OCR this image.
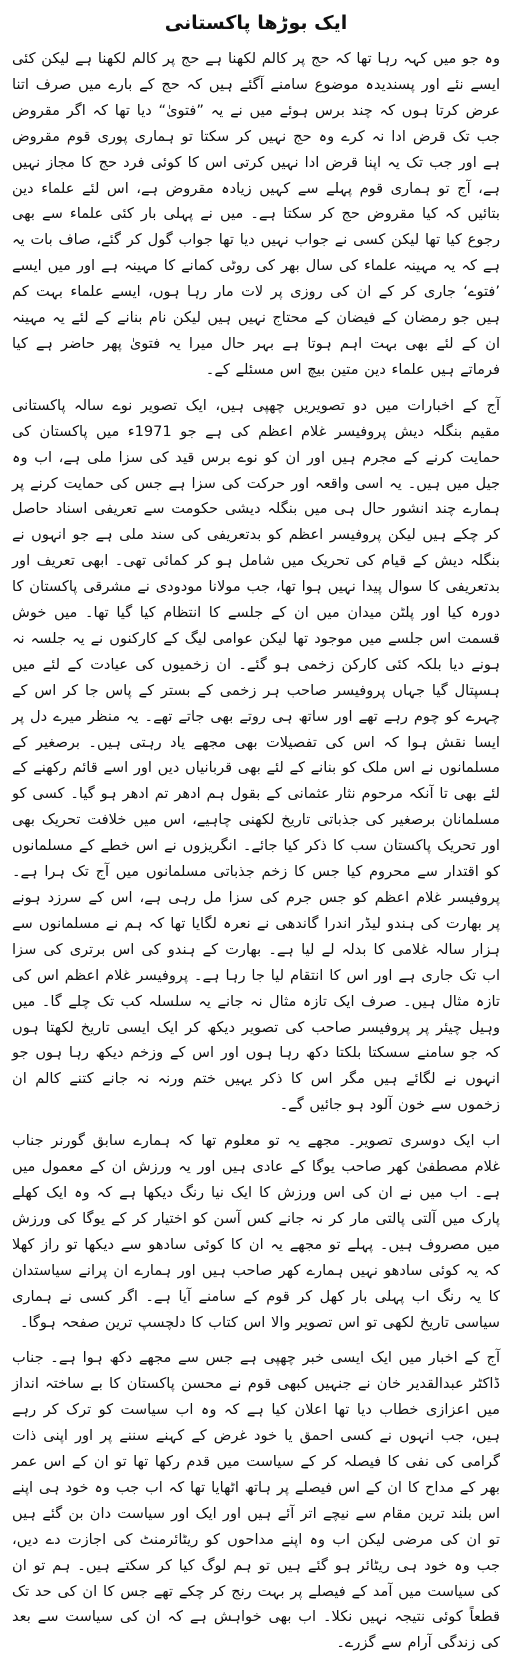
ایک بوڑھا پاکستانی

وہ جو میں کہہ رہا تھا کہ حج پر کالم لکھنا ہے حج پر کالم لکھنا ہے لیکن کئی ایسے نئے اور پسندیدہ موضوع سامنے آگئے ہیں کہ حج کے بارے میں صرف اتنا عرض کرتا ہوں کہ چند برس ہوئے میں نے یہ ”فتویٰ“ دیا تھا کہ اگر مقروض جب تک قرض ادا نہ کرے وہ حج نہیں کر سکتا تو ہماری پوری قوم مقروض ہے اور جب تک یہ اپنا قرض ادا نہیں کرتی اس کا کوئی فرد حج کا مجاز نہیں ہے، آج تو ہماری قوم پہلے سے کہیں زیادہ مقروض ہے، اس لئے علماء دین بتائیں کہ کیا مقروض حج کر سکتا ہے۔ میں نے پہلی بار کئی علماء سے بھی رجوع کیا تھا لیکن کسی نے جواب نہیں دیا تھا جواب گول کر گئے، صاف بات یہ ہے کہ یہ مہینہ علماء کی سال بھر کی روٹی کمانے کا مہینہ ہے اور میں ایسے ’فتوے‘ جاری کر کے ان کی روزی پر لات مار رہا ہوں، ایسے علماء بہت کم ہیں جو رمضان کے فیضان کے محتاج نہیں ہیں لیکن نام بنانے کے لئے یہ مہینہ ان کے لئے بھی بہت اہم ہوتا ہے بہر حال میرا یہ فتویٰ پھر حاضر ہے کیا فرماتے ہیں علماء دین متین بیچ اس مسئلے کے۔

آج کے اخبارات میں دو تصویریں چھپی ہیں، ایک تصویر نوے سالہ پاکستانی مقیم بنگلہ دیش پروفیسر غلام اعظم کی ہے جو 1971ء میں پاکستان کی حمایت کرنے کے مجرم ہیں اور ان کو نوے برس قید کی سزا ملی ہے، اب وہ جیل میں ہیں۔ یہ اسی واقعہ اور حرکت کی سزا ہے جس کی حمایت کرنے پر ہمارے چند انشور حال ہی میں بنگلہ دیشی حکومت سے تعریفی اسناد حاصل کر چکے ہیں لیکن پروفیسر اعظم کو بدتعریفی کی سند ملی ہے جو انہوں نے بنگلہ دیش کے قیام کی تحریک میں شامل ہو کر کمائی تھی۔ ابھی تعریف اور بدتعریفی کا سوال پیدا نہیں ہوا تھا، جب مولانا مودودی نے مشرقی پاکستان کا دورہ کیا اور پلٹن میدان میں ان کے جلسے کا انتظام کیا گیا تھا۔ میں خوش قسمت اس جلسے میں موجود تھا لیکن عوامی لیگ کے کارکنوں نے یہ جلسہ نہ ہونے دیا بلکہ کئی کارکن زخمی ہو گئے۔ ان زخمیوں کی عیادت کے لئے میں ہسپتال گیا جہاں پروفیسر صاحب ہر زخمی کے بستر کے پاس جا کر اس کے چہرے کو چوم رہے تھے اور ساتھ ہی روتے بھی جاتے تھے۔ یہ منظر میرے دل پر ایسا نقش ہوا کہ اس کی تفصیلات بھی مجھے یاد رہتی ہیں۔ برصغیر کے مسلمانوں نے اس ملک کو بنانے کے لئے بھی قربانیاں دیں اور اسے قائم رکھنے کے لئے بھی تا آنکہ مرحوم نثار عثمانی کے بقول ہم ادھر تم ادھر ہو گیا۔ کسی کو مسلمانان برصغیر کی جذباتی تاریخ لکھنی چاہیے، اس میں خلافت تحریک بھی اور تحریک پاکستان سب کا ذکر کیا جائے۔ انگریزوں نے اس خطے کے مسلمانوں کو اقتدار سے محروم کیا جس کا زخم جذباتی مسلمانوں میں آج تک ہرا ہے۔ پروفیسر غلام اعظم کو جس جرم کی سزا مل رہی ہے، اس کے سرزد ہونے پر بھارت کی ہندو لیڈر اندرا گاندھی نے نعرہ لگایا تھا کہ ہم نے مسلمانوں سے ہزار سالہ غلامی کا بدلہ لے لیا ہے۔ بھارت کے ہندو کی اس برتری کی سزا اب تک جاری ہے اور اس کا انتقام لیا جا رہا ہے۔ پروفیسر غلام اعظم اس کی تازہ مثال ہیں۔ صرف ایک تازہ مثال نہ جانے یہ سلسلہ کب تک چلے گا۔ میں وہیل چیئر پر پروفیسر صاحب کی تصویر دیکھ کر ایک ایسی تاریخ لکھتا ہوں کہ جو سامنے سسکتا بلکتا دکھ رہا ہوں اور اس کے وزخم دیکھ رہا ہوں جو انہوں نے لگائے ہیں مگر اس کا ذکر یہیں ختم ورنہ نہ جانے کتنے کالم ان زخموں سے خون آلود ہو جائیں گے۔

اب ایک دوسری تصویر۔ مجھے یہ تو معلوم تھا کہ ہمارے سابق گورنر جناب غلام مصطفیٰ کھر صاحب یوگا کے عادی ہیں اور یہ ورزش ان کے معمول میں ہے۔ اب میں نے ان کی اس ورزش کا ایک نیا رنگ دیکھا ہے کہ وہ ایک کھلے پارک میں آلتی پالتی مار کر نہ جانے کس آسن کو اختیار کر کے یوگا کی ورزش میں مصروف ہیں۔ پہلے تو مجھے یہ ان کا کوئی سادھو سے دیکھا تو راز کھلا کہ یہ کوئی سادھو نہیں ہمارے کھر صاحب ہیں اور ہمارے ان پرانے سیاستدان کا یہ رنگ اب پہلی بار کھل کر قوم کے سامنے آیا ہے۔ اگر کسی نے ہماری سیاسی تاریخ لکھی تو اس تصویر والا اس کتاب کا دلچسپ ترین صفحہ ہوگا۔

آج کے اخبار میں ایک ایسی خبر چھپی ہے جس سے مجھے دکھ ہوا ہے۔ جناب ڈاکٹر عبدالقدیر خان نے جنہیں کبھی قوم نے محسن پاکستان کا بے ساختہ انداز میں اعزازی خطاب دیا تھا اعلان کیا ہے کہ وہ اب سیاست کو ترک کر رہے ہیں، جب انہوں نے کسی احمق یا خود غرض کے کہنے سننے پر اور اپنی ذات گرامی کی نفی کا فیصلہ کر کے سیاست میں قدم رکھا تھا تو ان کے اس عمر بھر کے مداح کا ان کے اس فیصلے پر ہاتھ اٹھایا تھا کہ اب جب وہ خود ہی اپنے اس بلند ترین مقام سے نیچے اتر آئے ہیں اور ایک اور سیاست دان بن گئے ہیں تو ان کی مرضی لیکن اب وہ اپنے مداحوں کو ریٹائرمنٹ کی اجازت دے دیں، جب وہ خود ہی ریٹائر ہو گئے ہیں تو ہم لوگ کیا کر سکتے ہیں۔ ہم تو ان کی سیاست میں آمد کے فیصلے پر بہت رنج کر چکے تھے جس کا ان کی حد تک قطعاً کوئی نتیجہ نہیں نکلا۔ اب بھی خواہش ہے کہ ان کی سیاست سے بعد کی زندگی آرام سے گزرے۔
